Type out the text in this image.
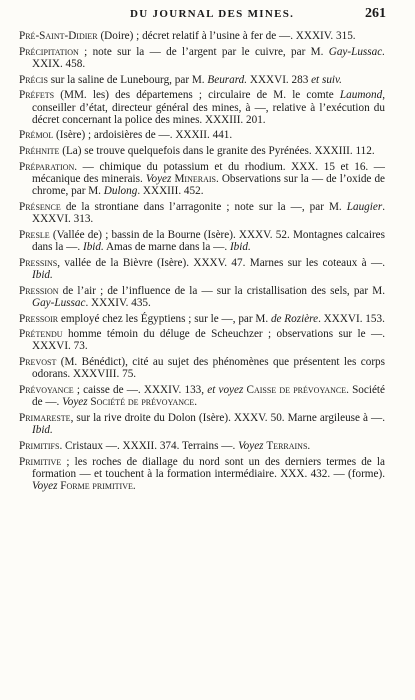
DU JOURNAL DES MINES.	261
Pré-Saint-Didier (Doire) ; décret relatif à l’usine à fer de —. XXXIV. 315.
Précipitation ; note sur la — de l’argent par le cuivre, par M. Gay-Lussac. XXIX. 458.
Précis sur la saline de Lunebourg, par M. Beurard. XXXVI. 283 et suiv.
Préfets (MM. les) des départemens ; circulaire de M. le comte Laumond, conseiller d’état, directeur général des mines, à —, relative à l’exécution du décret concernant la police des mines. XXXIII. 201.
Prémol (Isère) ; ardoisières de —. XXXII. 441.
Préhnite (La) se trouve quelquefois dans le granite des Pyrénées. XXXIII. 112.
Préparation. — chimique du potassium et du rhodium. XXX. 15 et 16. — mécanique des minerais. Voyez Minerais. Observations sur la — de l’oxide de chrome, par M. Dulong. XXXIII. 452.
Présence de la strontiane dans l’arragonite ; note sur la —, par M. Laugier. XXXVI. 313.
Presle (Vallée de) ; bassin de la Bourne (Isère). XXXV. 52. Montagnes calcaires dans la —. Ibid. Amas de marne dans la —. Ibid.
Pressins, vallée de la Bièvre (Isère). XXXV. 47. Marnes sur les coteaux à —. Ibid.
Pression de l’air ; de l’influence de la — sur la cristallisation des sels, par M. Gay-Lussac. XXXIV. 435.
Pressoir employé chez les Égyptiens ; sur le —, par M. de Rozière. XXXVI. 153.
Prétendu homme témoin du déluge de Scheuchzer ; observations sur le —. XXXVI. 73.
Prevost (M. Bénédict), cité au sujet des phénomènes que présentent les corps odorans. XXXVIII. 75.
Prévoyance ; caisse de —. XXXIV. 133, et voyez Caisse de prévoyance. Société de —. Voyez Société de prévoyance.
Primareste, sur la rive droite du Dolon (Isère). XXXV. 50. Marne argileuse à —. Ibid.
Primitifs. Cristaux —. XXXII. 374. Terrains —. Voyez Terrains.
Primitive ; les roches de diallage du nord sont un des derniers termes de la formation — et touchent à la formation intermédiaire. XXX. 432. — (forme). Voyez Forme primitive.
